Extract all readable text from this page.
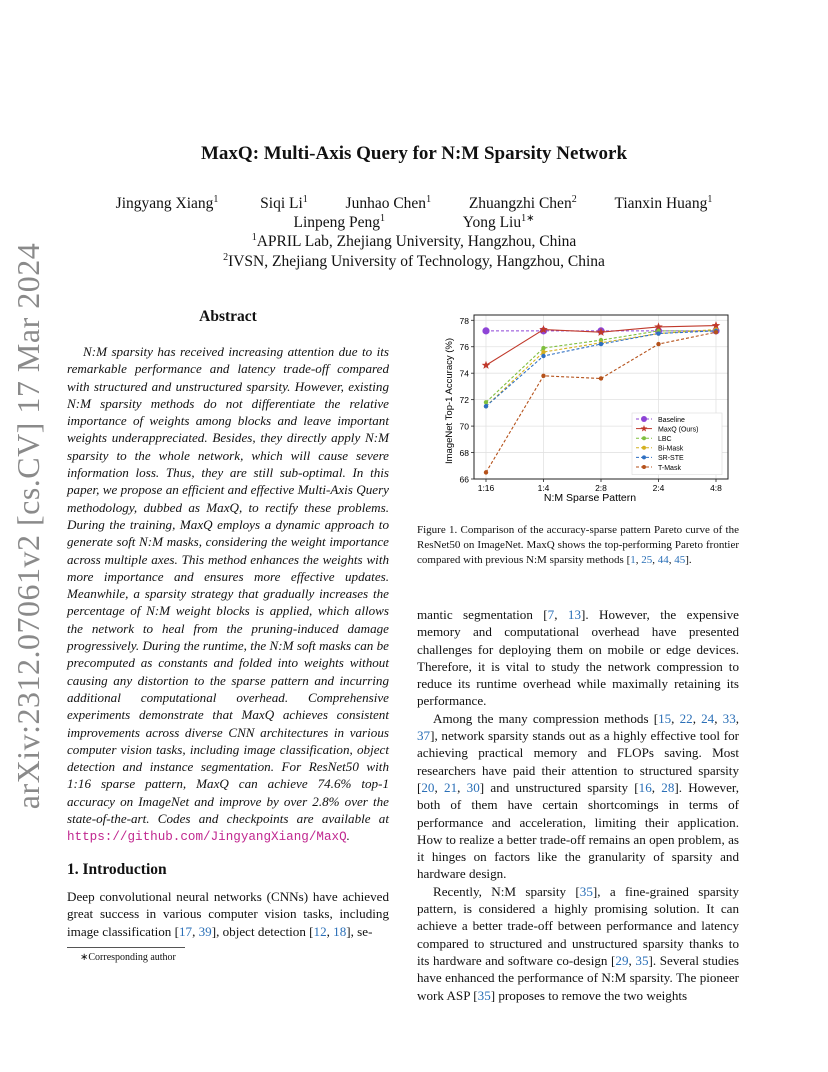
arXiv:2312.07061v2 [cs.CV] 17 Mar 2024
MaxQ: Multi-Axis Query for N:M Sparsity Network
Jingyang Xiang$^1$	Siqi Li$^1$ Junhao Chen$^1$ Zhuangzhi Chen$^2$ Tianxin Huang$^1$
Linpeng Peng$^1$	Yong Liu$^{1∗}$
$^1$APRIL Lab, Zhejiang University, Hangzhou, China
$^2$IVSN, Zhejiang University of Technology, Hangzhou, China
Abstract

N:M sparsity has received increasing attention due to its remarkable performance and latency trade-off compared with structured and unstructured sparsity. However, existing N:M sparsity methods do not differentiate the relative importance of weights among blocks and leave important weights underappreciated. Besides, they directly apply N:M sparsity to the whole network, which will cause severe information loss. Thus, they are still sub-optimal. In this paper, we propose an efficient and effective Multi-Axis Query methodology, dubbed as MaxQ, to rectify these problems. During the training, MaxQ employs a dynamic approach to generate soft N:M masks, considering the weight importance across multiple axes. This method enhances the weights with more importance and ensures more effective updates. Meanwhile, a sparsity strategy that gradually increases the percentage of N:M weight blocks is applied, which allows the network to heal from the pruning-induced damage progressively. During the runtime, the N:M soft masks can be precomputed as constants and folded into weights without causing any distortion to the sparse pattern and incurring additional computational overhead. Comprehensive experiments demonstrate that MaxQ achieves consistent improvements across diverse CNN architectures in various computer vision tasks, including image classification, object detection and instance segmentation. For ResNet50 with 1:16 sparse pattern, MaxQ can achieve 74.6% top-1 accuracy on ImageNet and improve by over 2.8% over the state-of-the-art. Codes and checkpoints are available at https://github.com/JingyangXiang/MaxQ.

1. Introduction

Deep convolutional neural networks (CNNs) have achieved great success in various computer vision tasks, including image classification [17, 39], object detection [12, 18], se-

∗Corresponding author
66
68
70
72
74
76
78
1:16	1:4	2:8	2:4	4:8
Baseline
MaxQ (Ours)
LBC
Bi-Mask
SR-STE
T-Mask
N:M Sparse Pattern
ImageNet Top-1 Accuracy (%)
Figure 1. Comparison of the accuracy-sparse pattern Pareto curve of the ResNet50 on ImageNet. MaxQ shows the top-performing Pareto frontier compared with previous N:M sparsity methods [1, 25, 44, 45].

mantic segmentation [7, 13]. However, the expensive memory and computational overhead have presented challenges for deploying them on mobile or edge devices. Therefore, it is vital to study the network compression to reduce its runtime overhead while maximally retaining its performance.

Among the many compression methods [15, 22, 24, 33, 37], network sparsity stands out as a highly effective tool for achieving practical memory and FLOPs saving. Most researchers have paid their attention to structured sparsity [20, 21, 30] and unstructured sparsity [16, 28]. However, both of them have certain shortcomings in terms of performance and acceleration, limiting their application. How to realize a better trade-off remains an open problem, as it hinges on factors like the granularity of sparsity and hardware design.

Recently, N:M sparsity [35], a fine-grained sparsity pattern, is considered a highly promising solution. It can achieve a better trade-off between performance and latency compared to structured and unstructured sparsity thanks to its hardware and software co-design [29, 35]. Several studies have enhanced the performance of N:M sparsity. The pioneer work ASP [35] proposes to remove the two weights
